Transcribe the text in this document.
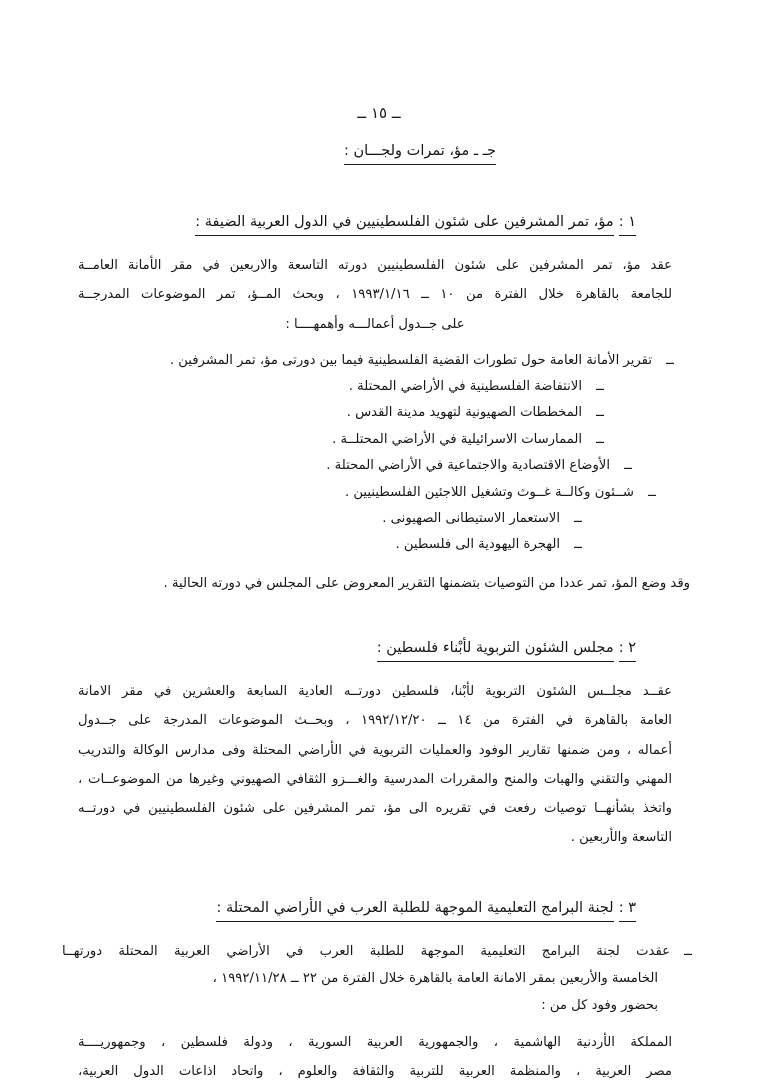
ــ ١٥ ــ
جـ ـ مؤ، تمرات ولجـــان :
١ : مؤ، تمر المشرفين على شئون الفلسطينيين في الدول العربية الضيفة :

عقد مؤ، تمر المشرفين على شئون الفلسطينيين دورته التاسعة والاربعين في مقر الأمانة العامــة

للجامعة بالقاهرة خلال الفترة من ١٠ ــ ١٩٩٣/١/١٦ ، وبحث المــؤ، تمر الموضوعات المدرجــة

على جــدول أعمالـــه وأهمهــــا :

ــ
تقرير الأمانة العامة حول تطورات القضية الفلسطينية فيما بين دورتى مؤ، تمر المشرفين .
ــ
الانتفاضة الفلسطينية في الأراضي المحتلة .
ــ
المخططات الصهيونية لتهويد مدينة القدس .
ــ
الممارسات الاسرائيلية في الأراضي المحتلــة .
ــ
الأوضاع الاقتصادية والاجتماعية في الأراضي المحتلة .
ــ
شــئون وكالــة غــوث وتشغيل اللاجئين الفلسطينيين .
ــ
الاستعمار الاستيطانى الصهيونى .
ــ
الهجرة اليهودية الى فلسطين .
وقد وضع المؤ، تمر عددا من التوصيات بتضمنها التقرير المعروض على المجلس في دورته الحالية .
٢ : مجلس الشئون التربوية لأبْناء فلسطين :

عقــد مجلــس الشئون التربوية لأبْنا، فلسطين دورتــه العادية السابعة والعشرين في مقر الامانة

العامة بالقاهرة في الفترة من ١٤ ــ ١٩٩٢/١٢/٢٠ ، وبحــث الموضوعات المدرجة على جــدول

أعماله ، ومن ضمنها تقارير الوفود والعمليات التربوية في الأراضي المحتلة وفى مدارس الوكالة والتدريب

المهني والتقني والهبات والمنح والمقررات المدرسية والغـــزو الثقافي الصهيوني وغيرها من الموضوعــات ،

واتخذ بشأنهــا توصيات رفعت في تقريره الى مؤ، تمر المشرفين على شئون الفلسطينيين في دورتــه

التاسعة والأربعين .

٣ : لجنة البرامج التعليمية الموجهة للطلبة العرب في الأراضي المحتلة :
ــ
عقدت لجنة البرامج التعليمية الموجهة للطلبة العرب في الأراضي العربية المحتلة دورتهــا
الخامسة والأربعين بمقر الامانة العامة بالقاهرة خلال الفترة من ٢٢ ــ ١٩٩٢/١١/٢٨ ،
بحضور وفود كل من :

المملكة الأردنية الهاشمية ، والجمهورية العربية السورية ، ودولة فلسطين ، وجمهوريــــة

مصر العربية ، والمنظمة العربية للتربية والثقافة والعلوم ، واتحاد اذاعات الدول العربية،
